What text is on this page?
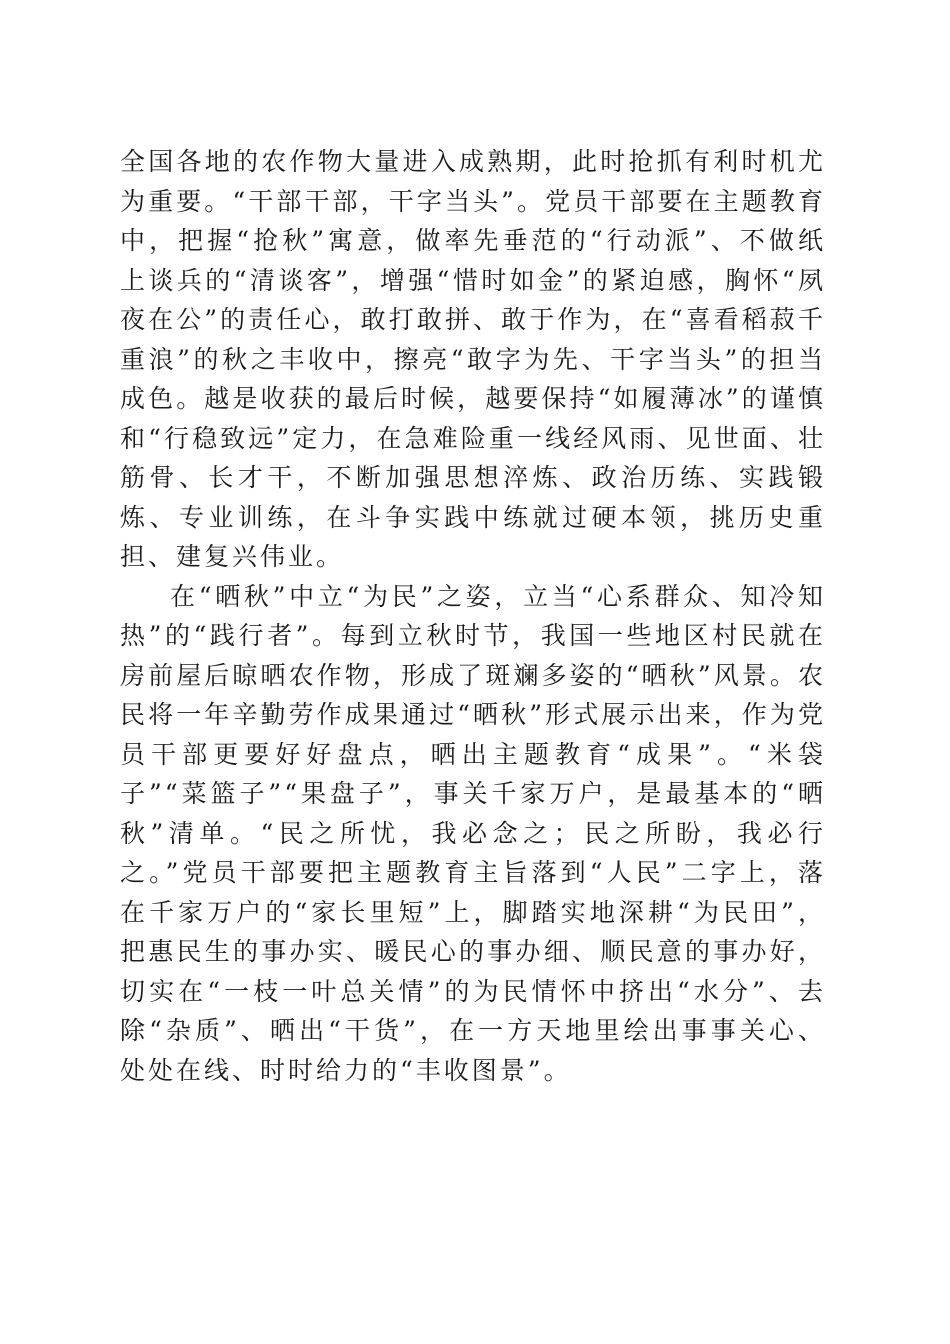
全国各地的农作物大量进入成熟期，此时抢抓有利时机尤为重要。“干部干部，干字当头”。党员干部要在主题教育中，把握“抢秋”寓意，做率先垂范的“行动派”、不做纸上谈兵的“清谈客”，增强“惜时如金”的紧迫感，胸怀“夙夜在公”的责任心，敢打敢拼、敢于作为，在“喜看稻菽千重浪”的秋之丰收中，擦亮“敢字为先、干字当头”的担当成色。越是收获的最后时候，越要保持“如履薄冰”的谨慎和“行稳致远”定力，在急难险重一线经风雨、见世面、壮筋骨、长才干，不断加强思想淬炼、政治历练、实践锻炼、专业训练，在斗争实践中练就过硬本领，挑历史重担、建复兴伟业。

在“晒秋”中立“为民”之姿，立当“心系群众、知冷知热”的“践行者”。每到立秋时节，我国一些地区村民就在房前屋后晾晒农作物，形成了斑斓多姿的“晒秋”风景。农民将一年辛勤劳作成果通过“晒秋”形式展示出来，作为党员干部更要好好盘点，晒出主题教育“成果”。“米袋子”“菜篮子”“果盘子”，事关千家万户，是最基本的“晒秋”清单。“民之所忧，我必念之；民之所盼，我必行之。”党员干部要把主题教育主旨落到“人民”二字上，落在千家万户的“家长里短”上，脚踏实地深耕“为民田”，把惠民生的事办实、暖民心的事办细、顺民意的事办好，切实在“一枝一叶总关情”的为民情怀中挤出“水分”、去除“杂质”、晒出“干货”，在一方天地里绘出事事关心、处处在线、时时给力的“丰收图景”。
